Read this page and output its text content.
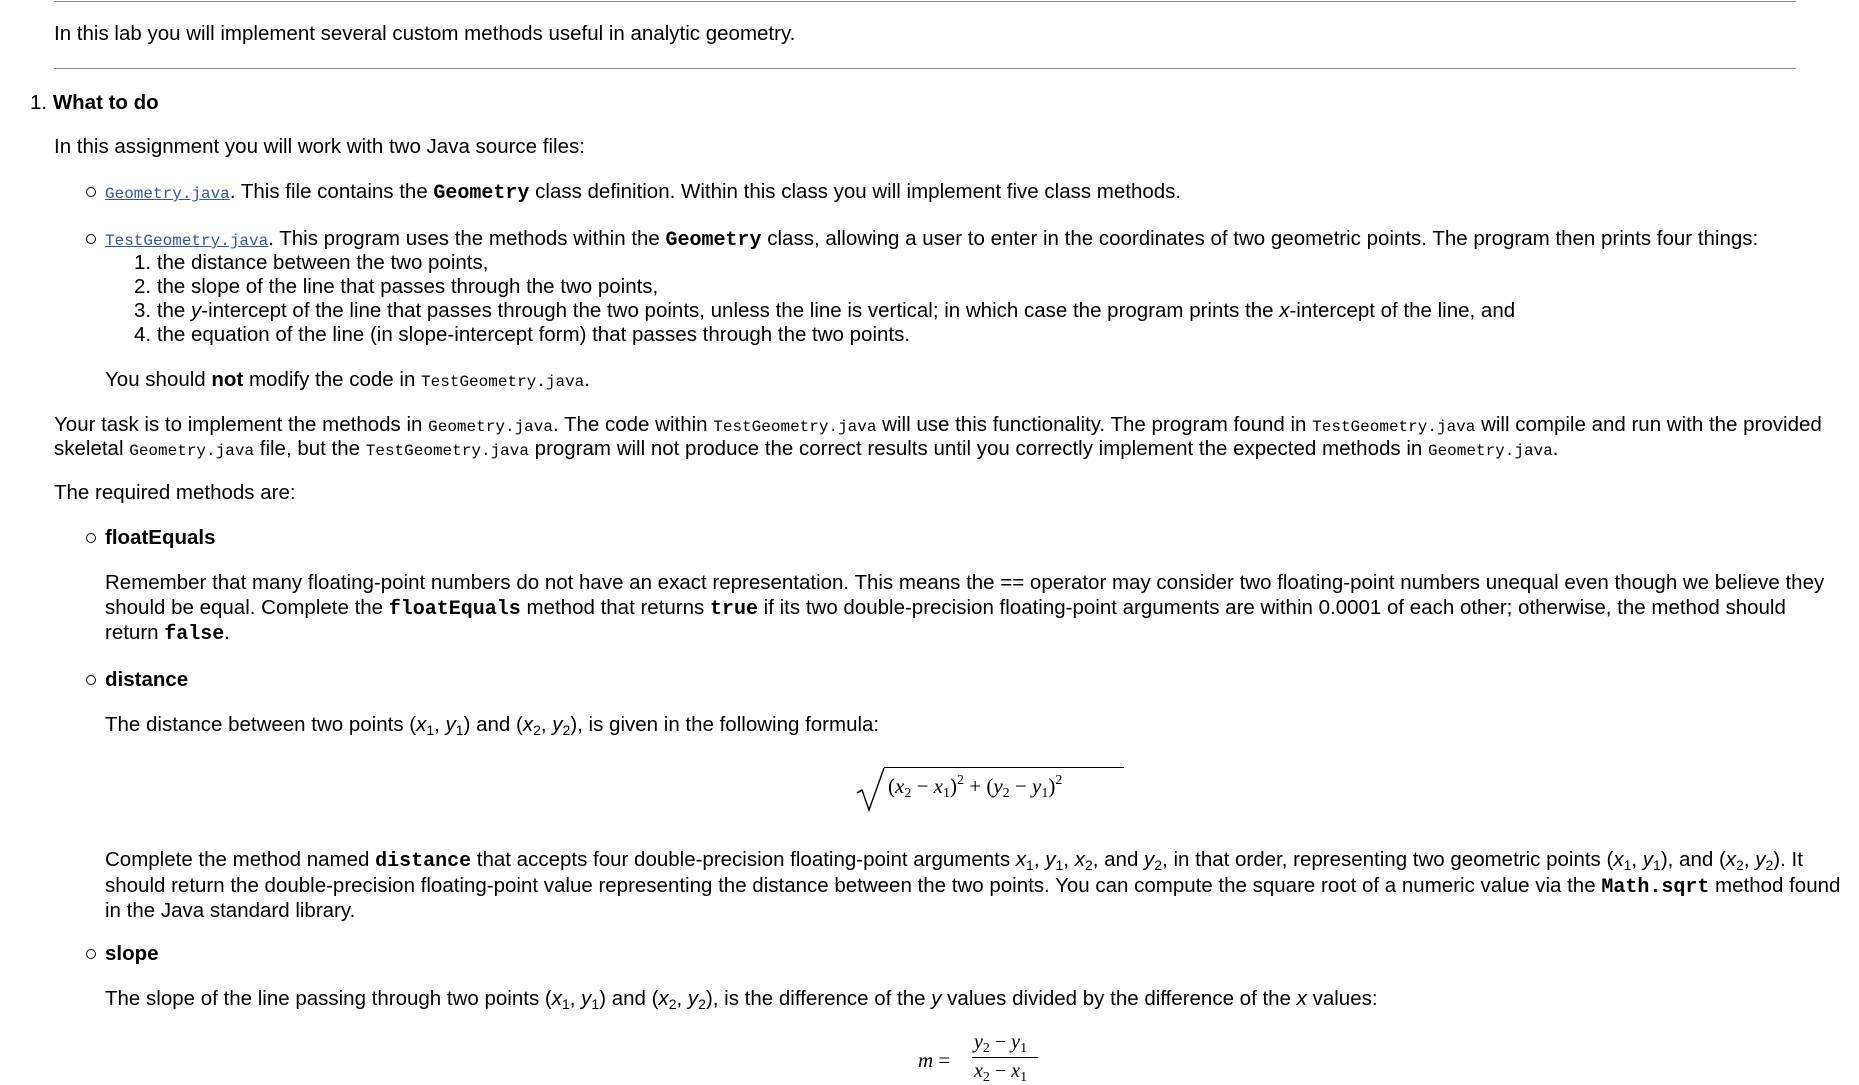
In this lab you will implement several custom methods useful in analytic geometry.
1. What to do
In this assignment you will work with two Java source files:
Geometry.java. This file contains the Geometry class definition. Within this class you will implement five class methods.
TestGeometry.java. This program uses the methods within the Geometry class, allowing a user to enter in the coordinates of two geometric points. The program then prints four things:
1. the distance between the two points,
2. the slope of the line that passes through the two points,
3. the y-intercept of the line that passes through the two points, unless the line is vertical; in which case the program prints the x-intercept of the line, and
4. the equation of the line (in slope-intercept form) that passes through the two points.
You should not modify the code in TestGeometry.java.
Your task is to implement the methods in Geometry.java. The code within TestGeometry.java will use this functionality. The program found in TestGeometry.java will compile and run with the provided
skeletal Geometry.java file, but the TestGeometry.java program will not produce the correct results until you correctly implement the expected methods in Geometry.java.
The required methods are:
floatEquals
Remember that many floating-point numbers do not have an exact representation. This means the == operator may consider two floating-point numbers unequal even though we believe they
should be equal. Complete the floatEquals method that returns true if its two double-precision floating-point arguments are within 0.0001 of each other; otherwise, the method should
return false.
distance
The distance between two points ($x_1$, $y_1$) and ($x_2$, $y_2$), is given in the following formula:
$(x_2 - x_1)^2 + (y_2 - y_1)^2$
Complete the method named distance that accepts four double-precision floating-point arguments $x_1$, $y_1$, $x_2$, and $y_2$, in that order, representing two geometric points ($x_1$, $y_1$), and ($x_2$, $y_2$). It
should return the double-precision floating-point value representing the distance between the two points. You can compute the square root of a numeric value via the Math.sqrt method found
in the Java standard library.
slope
The slope of the line passing through two points ($x_1$, $y_1$) and ($x_2$, $y_2$), is the difference of the y values divided by the difference of the x values:
m =
$y_2 - y_1$
$x_2 - x_1$
